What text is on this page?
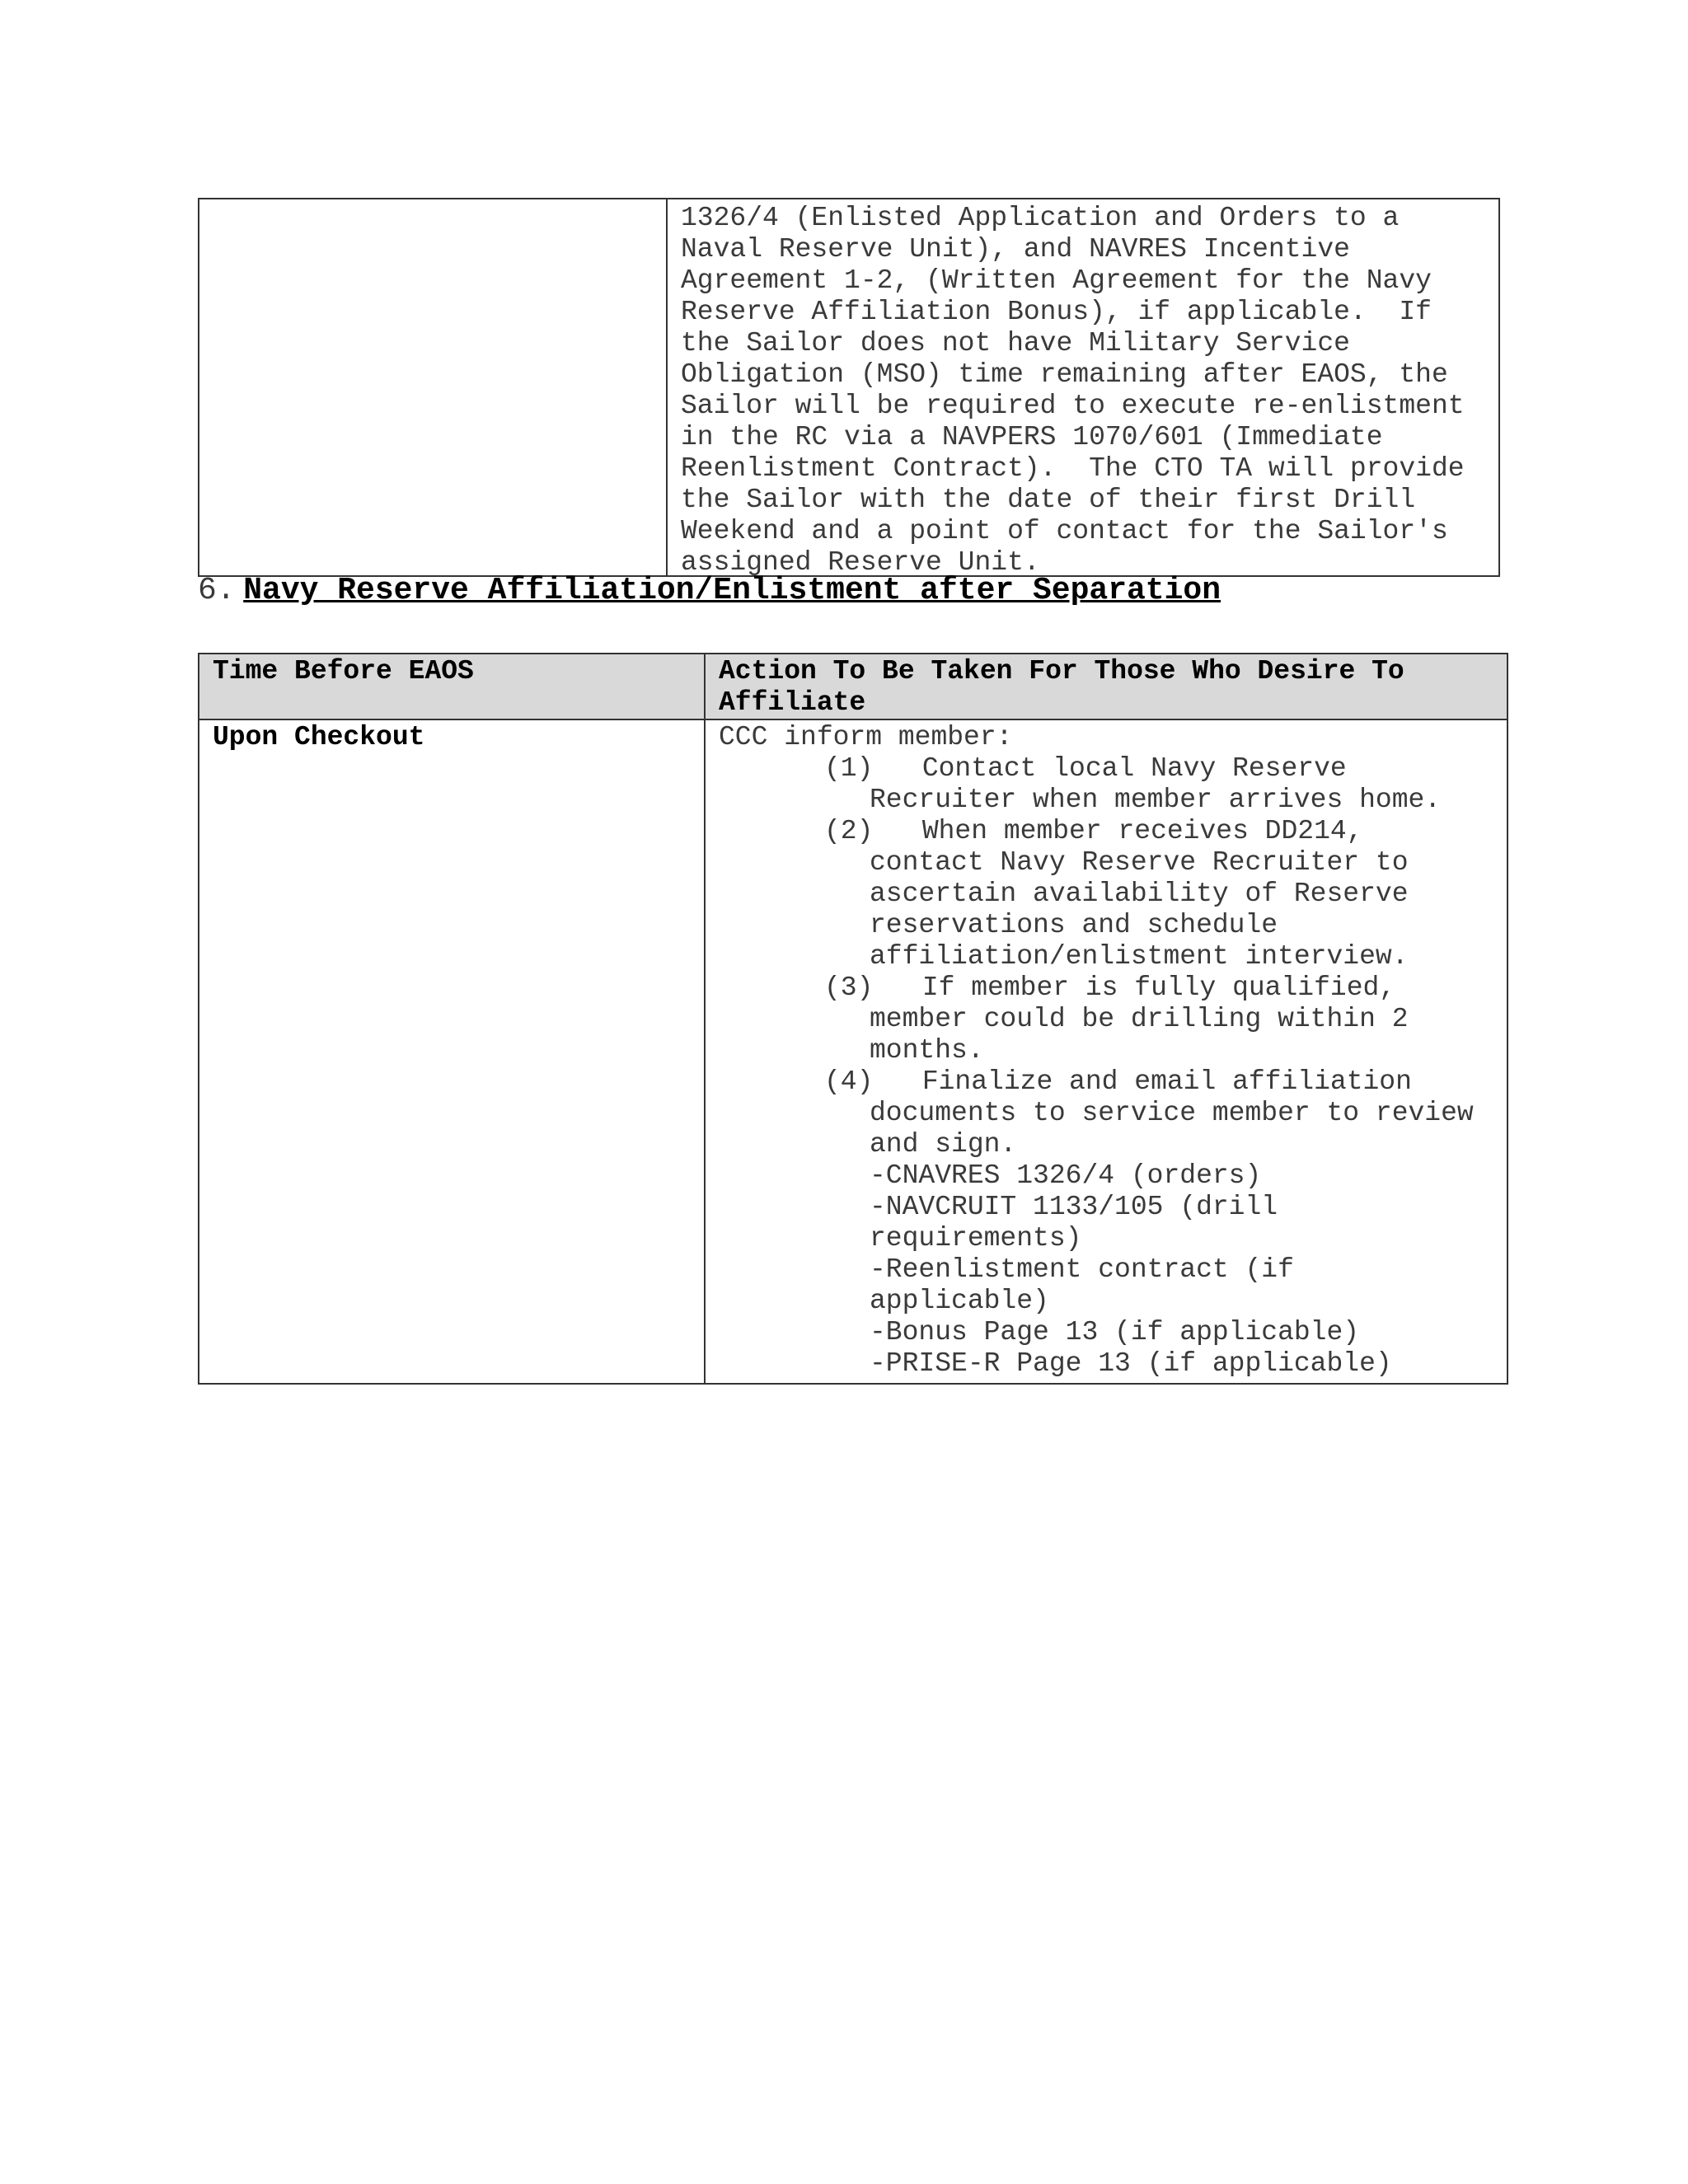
1326/4 (Enlisted Application and Orders to a
Naval Reserve Unit), and NAVRES Incentive
Agreement 1-2, (Written Agreement for the Navy
Reserve Affiliation Bonus), if applicable.  If
the Sailor does not have Military Service
Obligation (MSO) time remaining after EAOS, the
Sailor will be required to execute re-enlistment
in the RC via a NAVPERS 1070/601 (Immediate
Reenlistment Contract).  The CTO TA will provide
the Sailor with the date of their first Drill
Weekend and a point of contact for the Sailor's
assigned Reserve Unit.
6.
Navy Reserve Affiliation/Enlistment after Separation
Time Before EAOS	Action To Be Taken For Those Who Desire To
Affiliate
Upon Checkout	CCC inform member:
(1)   Contact local Navy Reserve
Recruiter when member arrives home.
(2)   When member receives DD214,
contact Navy Reserve Recruiter to
ascertain availability of Reserve
reservations and schedule
affiliation/enlistment interview.
(3)   If member is fully qualified,
member could be drilling within 2
months.
(4)   Finalize and email affiliation
documents to service member to review
and sign.
-CNAVRES 1326/4 (orders)
-NAVCRUIT 1133/105 (drill
requirements)
-Reenlistment contract (if
applicable)
-Bonus Page 13 (if applicable)
-PRISE-R Page 13 (if applicable)
